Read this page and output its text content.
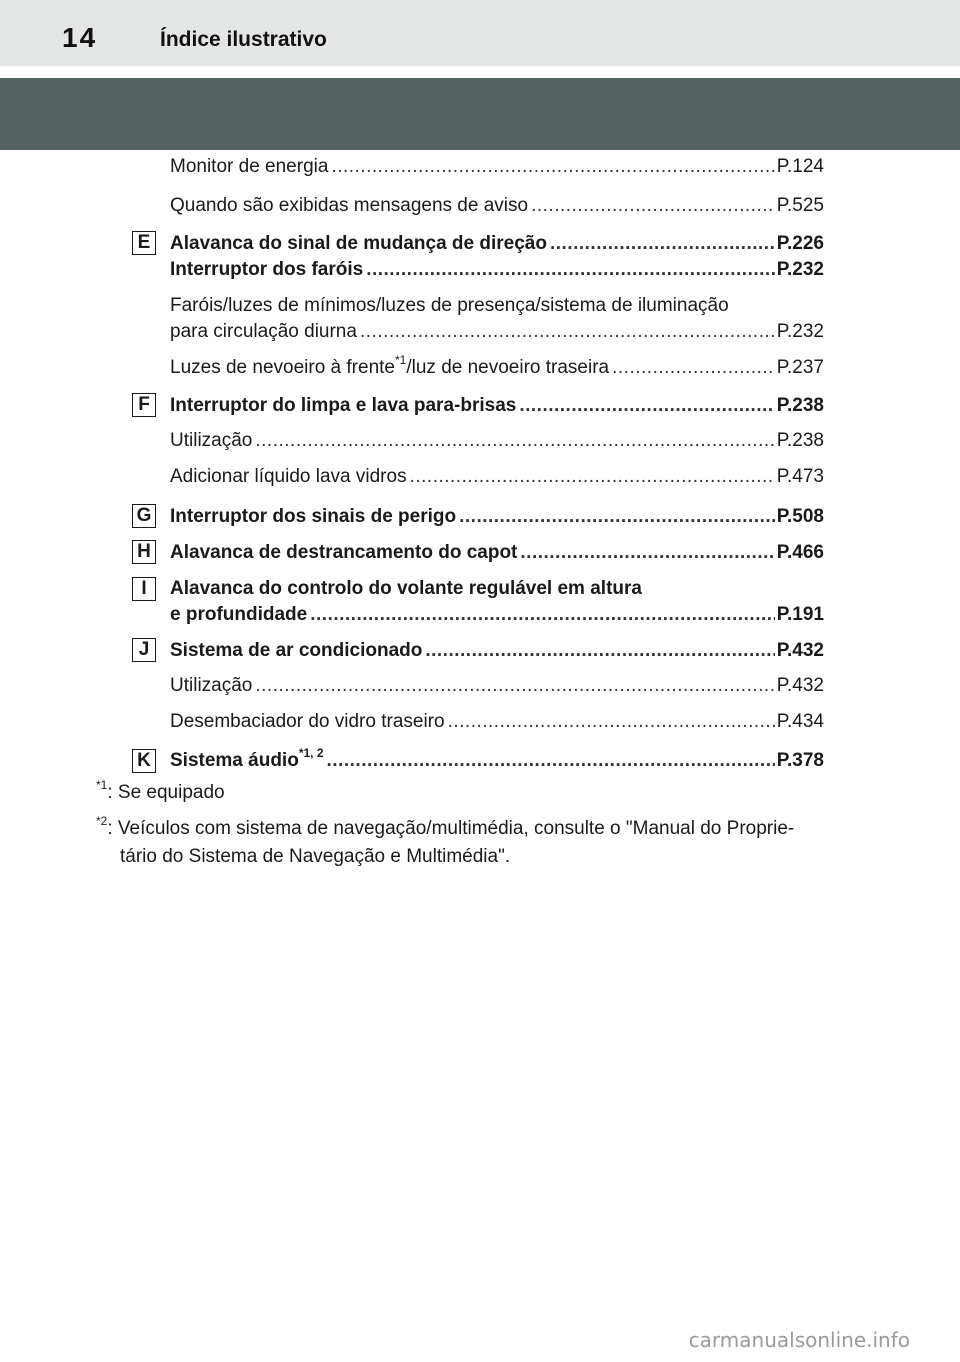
14	Índice ilustrativo
Monitor de energia .....	P.124
Quando são exibidas mensagens de aviso .....	P.525
E Alavanca do sinal de mudança de direção .....	P.226
Interruptor dos faróis .....	P.232
Faróis/luzes de mínimos/luzes de presença/sistema de iluminação
para circulação diurna .....	P.232
Luzes de nevoeiro à frente$^{*1}$/luz de nevoeiro traseira .....	P.237
F	Interruptor do limpa e lava para-brisas .....	P.238
Utilização .....	P.238
Adicionar líquido lava vidros .....	P.473
G Interruptor dos sinais de perigo .....	P.508
H Alavanca de destrancamento do capot .....	P.466
I	Alavanca do controlo do volante regulável em altura
e profundidade .....	P.191
J	Sistema de ar condicionado .....	P.432
Utilização .....	P.432
Desembaciador do vidro traseiro .....	P.434
K Sistema áudio$^{*1, 2}$ .....	P.378
$^{*1}$: Se equipado
$^{*2}$: Veículos com sistema de navegação/multimédia, consulte o "Manual do Proprie-
tário do Sistema de Navegação e Multimédia".
carmanualsonline.info
